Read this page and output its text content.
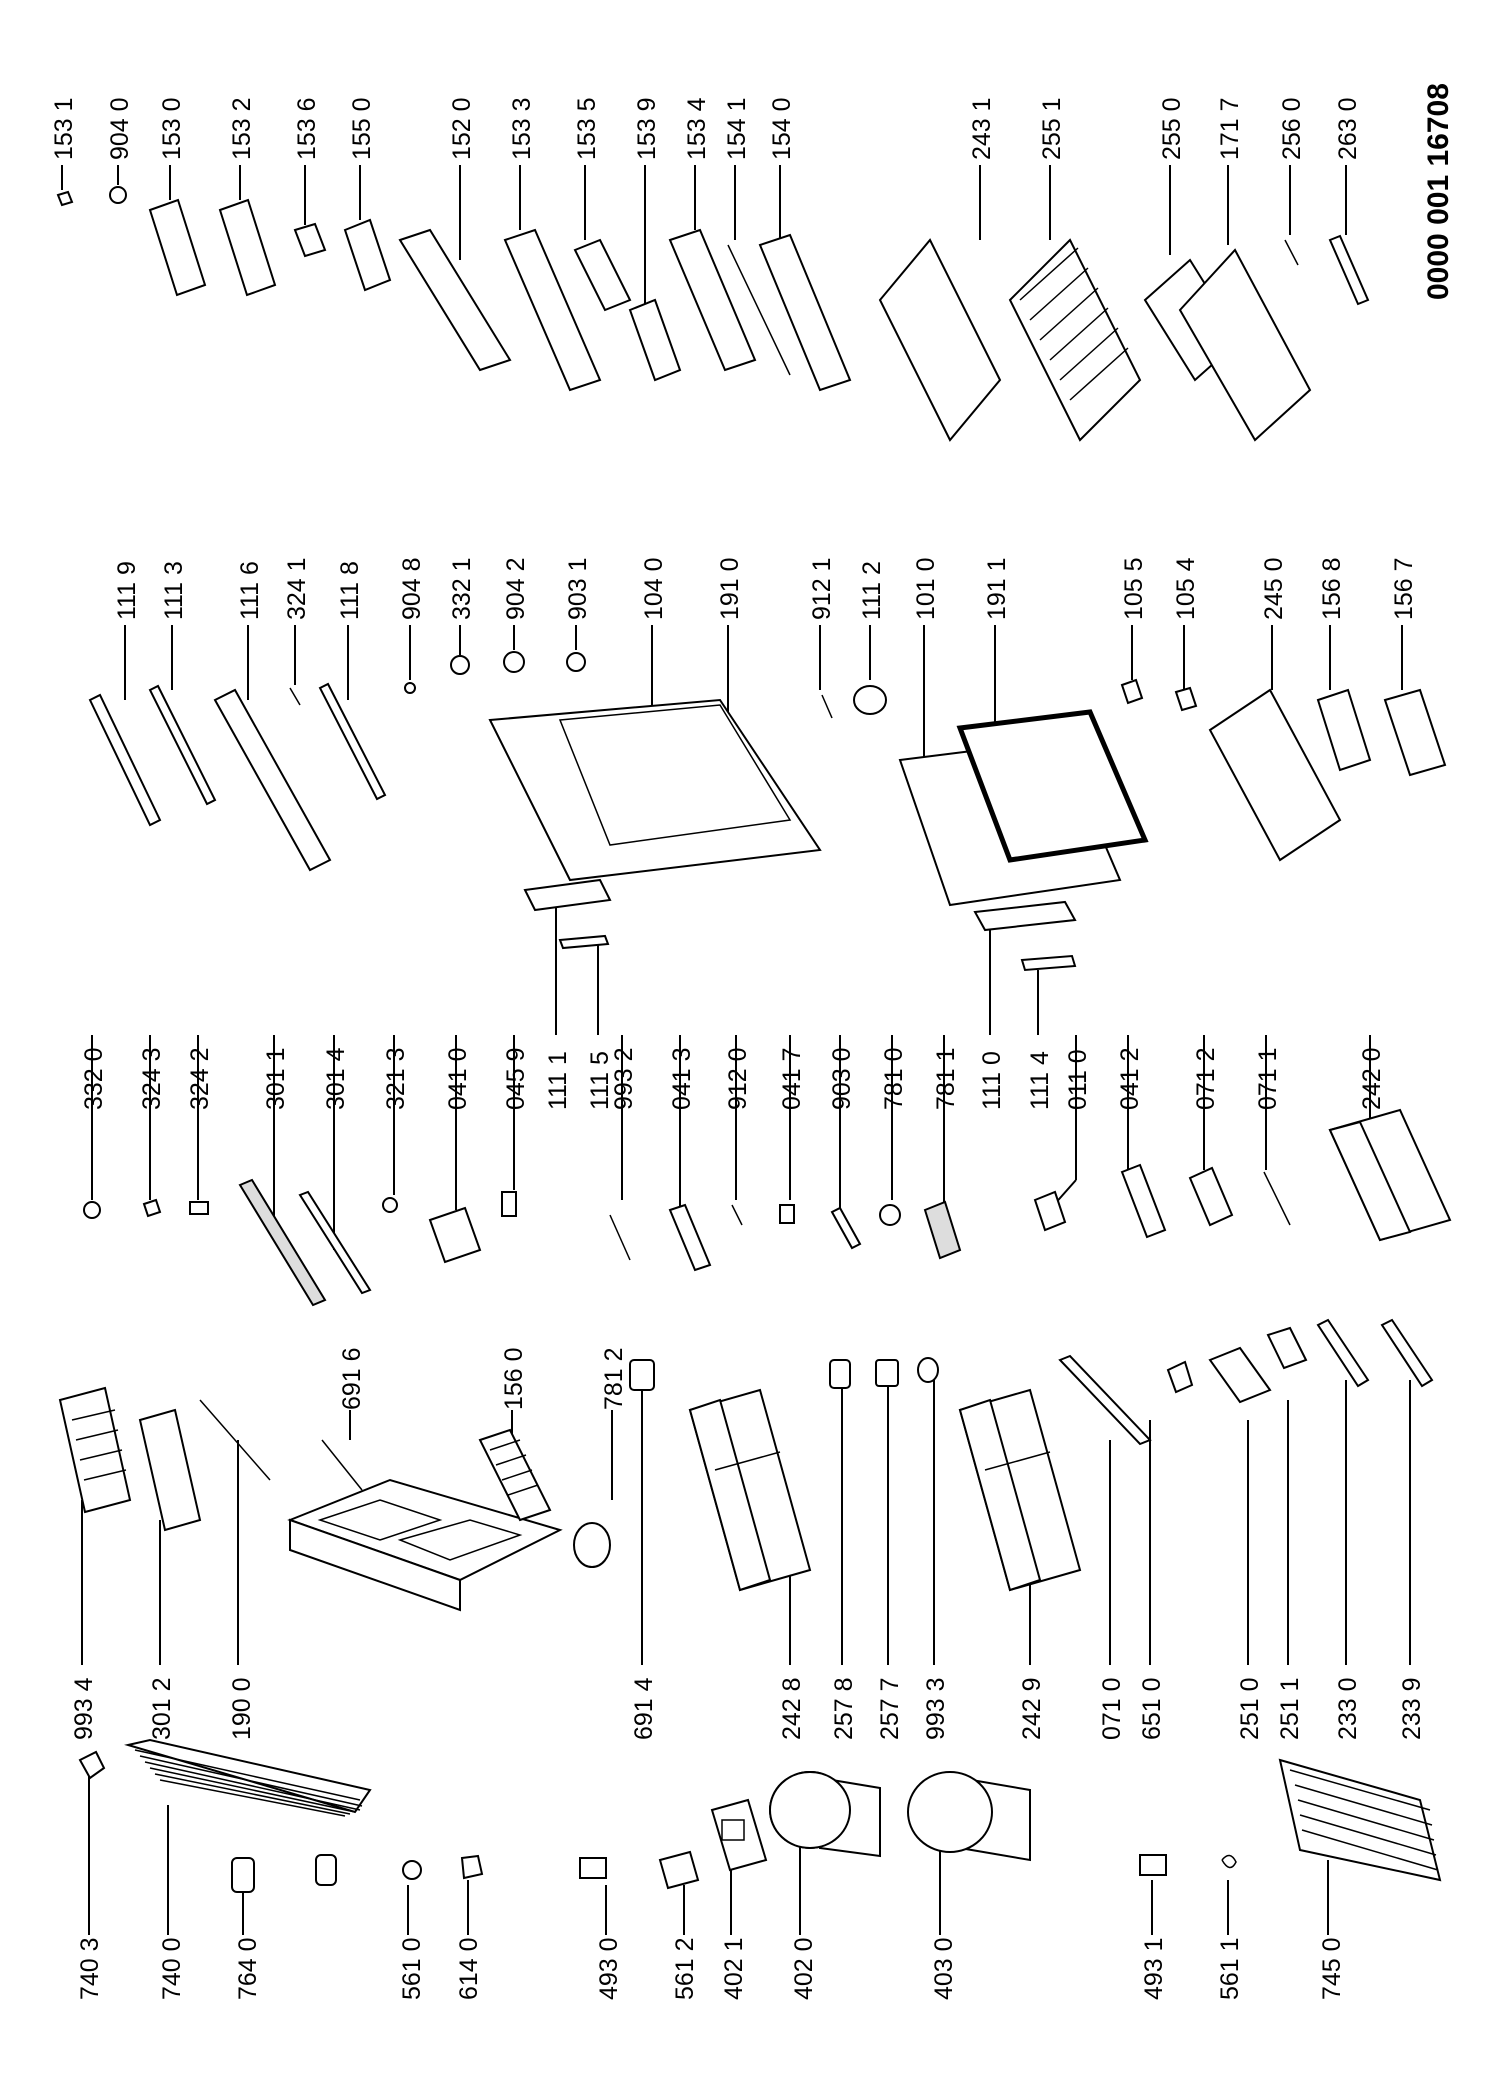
0000 001 16708
740 3 740 0 764 0	561 0 614 0	493 0 561 2 402 1 402 0	403 0	493 1 561 1	745 0
993 4 301 2 190 0
691 6	156 0	781 2
691 4	242 8 257 8 257 7 993 3	242 9 071 0 651 0	251 0 251 1 233 0 233 9
332 0 324 3 324 2 301 1 301 4 321 3 041 0 045 9 111 1 111 5
993 2 041 3 912 0 041 7 903 0 781 0 781 1 111 0 111 4 011 0 041 2 071 2 071 1	242 0
111 9 111 3 111 6 324 1 111 8 904 8 332 1 904 2 903 1 104 0 191 0	912 1 111 2 101 0 191 1	105 5 105 4 245 0 156 8 156 7
153 1 904 0 153 0 153 2 153 6 155 0	152 0 153 3 153 5 153 9 153 4 154 1 154 0	243 1 255 1	255 0 171 7 256 0 263 0
